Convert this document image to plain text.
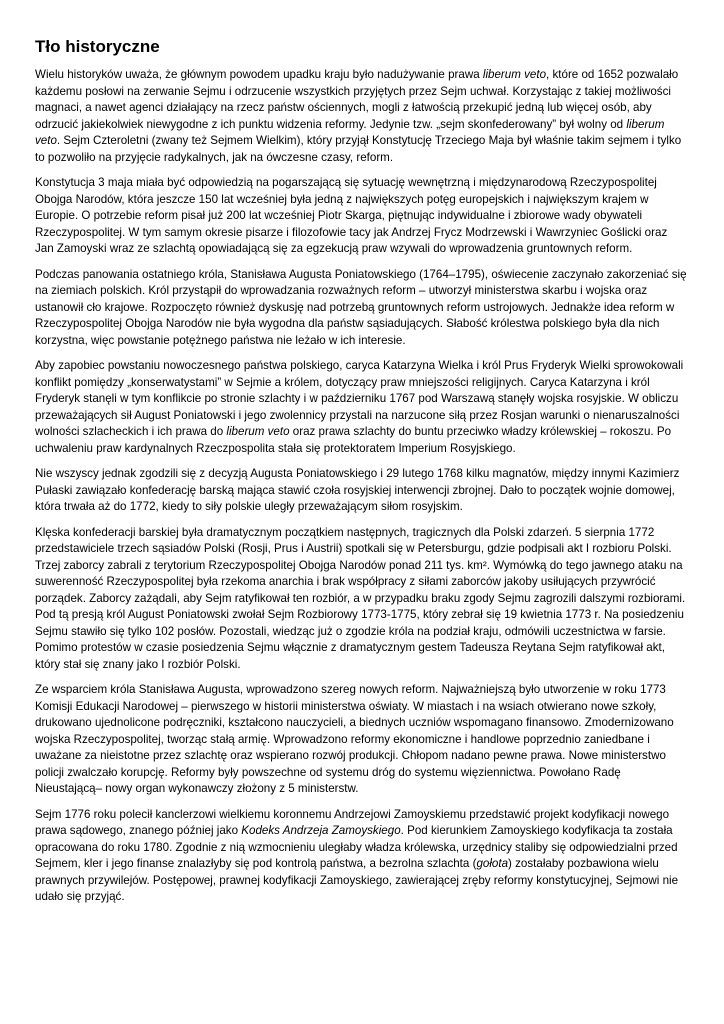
Tło historyczne

Wielu historyków uważa, że głównym powodem upadku kraju było nadużywanie prawa liberum veto, które od 1652 pozwalało każdemu posłowi na zerwanie Sejmu i odrzucenie wszystkich przyjętych przez Sejm uchwał. Korzystając z takiej możliwości magnaci, a nawet agenci działający na rzecz państw ościennych, mogli z łatwością przekupić jedną lub więcej osób, aby odrzucić jakiekolwiek niewygodne z ich punktu widzenia reformy. Jedynie tzw. „sejm skonfederowany” był wolny od liberum veto. Sejm Czteroletni (zwany też Sejmem Wielkim), który przyjął Konstytucję Trzeciego Maja był właśnie takim sejmem i tylko to pozwoliło na przyjęcie radykalnych, jak na ówczesne czasy, reform.

Konstytucja 3 maja miała być odpowiedzią na pogarszającą się sytuację wewnętrzną i międzynarodową Rzeczypospolitej Obojga Narodów, która jeszcze 150 lat wcześniej była jedną z największych potęg europejskich i największym krajem w Europie. O potrzebie reform pisał już 200 lat wcześniej Piotr Skarga, piętnując indywidualne i zbiorowe wady obywateli Rzeczypospolitej. W tym samym okresie pisarze i filozofowie tacy jak Andrzej Frycz Modrzewski i Wawrzyniec Goślicki oraz Jan Zamoyski wraz ze szlachtą opowiadającą się za egzekucją praw wzywali do wprowadzenia gruntownych reform.

Podczas panowania ostatniego króla, Stanisława Augusta Poniatowskiego (1764–1795), oświecenie zaczynało zakorzeniać się na ziemiach polskich. Król przystąpił do wprowadzania rozważnych reform – utworzył ministerstwa skarbu i wojska oraz ustanowił cło krajowe. Rozpoczęto również dyskusję nad potrzebą gruntownych reform ustrojowych. Jednakże idea reform w Rzeczypospolitej Obojga Narodów nie była wygodna dla państw sąsiadujących. Słabość królestwa polskiego była dla nich korzystna, więc powstanie potężnego państwa nie leżało w ich interesie.

Aby zapobiec powstaniu nowoczesnego państwa polskiego, caryca Katarzyna Wielka i król Prus Fryderyk Wielki sprowokowali konflikt pomiędzy „konserwatystami” w Sejmie a królem, dotyczący praw mniejszości religijnych. Caryca Katarzyna i król Fryderyk stanęli w tym konflikcie po stronie szlachty i w październiku 1767 pod Warszawą stanęły wojska rosyjskie. W obliczu przeważających sił August Poniatowski i jego zwolennicy przystali na narzucone siłą przez Rosjan warunki o nienaruszalności wolności szlacheckich i ich prawa do liberum veto oraz prawa szlachty do buntu przeciwko władzy królewskiej – rokoszu. Po uchwaleniu praw kardynalnych Rzeczpospolita stała się protektoratem Imperium Rosyjskiego.

Nie wszyscy jednak zgodzili się z decyzją Augusta Poniatowskiego i 29 lutego 1768 kilku magnatów, między innymi Kazimierz Pułaski zawiązało konfederację barską mająca stawić czoła rosyjskiej interwencji zbrojnej. Dało to początek wojnie domowej, która trwała aż do 1772, kiedy to siły polskie uległy przeważającym siłom rosyjskim.

Klęska konfederacji barskiej była dramatycznym początkiem następnych, tragicznych dla Polski zdarzeń. 5 sierpnia 1772 przedstawiciele trzech sąsiadów Polski (Rosji, Prus i Austrii) spotkali się w Petersburgu, gdzie podpisali akt I rozbioru Polski. Trzej zaborcy zabrali z terytorium Rzeczypospolitej Obojga Narodów ponad 211 tys. km². Wymówką do tego jawnego ataku na suwerenność Rzeczypospolitej była rzekoma anarchia i brak współpracy z siłami zaborców jakoby usiłujących przywrócić porządek. Zaborcy zażądali, aby Sejm ratyfikował ten rozbiór, a w przypadku braku zgody Sejmu zagrozili dalszymi rozbiorami. Pod tą presją król August Poniatowski zwołał Sejm Rozbiorowy 1773-1775, który zebrał się 19 kwietnia 1773 r. Na posiedzeniu Sejmu stawiło się tylko 102 posłów. Pozostali, wiedząc już o zgodzie króla na podział kraju, odmówili uczestnictwa w farsie. Pomimo protestów w czasie posiedzenia Sejmu włącznie z dramatycznym gestem Tadeusza Reytana Sejm ratyfikował akt, który stał się znany jako I rozbiór Polski.

Ze wsparciem króla Stanisława Augusta, wprowadzono szereg nowych reform. Najważniejszą było utworzenie w roku 1773 Komisji Edukacji Narodowej – pierwszego w historii ministerstwa oświaty. W miastach i na wsiach otwierano nowe szkoły, drukowano ujednolicone podręczniki, kształcono nauczycieli, a biednych uczniów wspomagano finansowo. Zmodernizowano wojska Rzeczypospolitej, tworząc stałą armię. Wprowadzono reformy ekonomiczne i handlowe poprzednio zaniedbane i uważane za nieistotne przez szlachtę oraz wspierano rozwój produkcji. Chłopom nadano pewne prawa. Nowe ministerstwo policji zwalczało korupcję. Reformy były powszechne od systemu dróg do systemu więziennictwa. Powołano Radę Nieustającą– nowy organ wykonawczy złożony z 5 ministerstw.

Sejm 1776 roku polecił kanclerzowi wielkiemu koronnemu Andrzejowi Zamoyskiemu przedstawić projekt kodyfikacji nowego prawa sądowego, znanego później jako Kodeks Andrzeja Zamoyskiego. Pod kierunkiem Zamoyskiego kodyfikacja ta została opracowana do roku 1780. Zgodnie z nią wzmocnieniu uległaby władza królewska, urzędnicy staliby się odpowiedzialni przed Sejmem, kler i jego finanse znalazłyby się pod kontrolą państwa, a bezrolna szlachta (gołota) zostałaby pozbawiona wielu prawnych przywilejów. Postępowej, prawnej kodyfikacji Zamoyskiego, zawierającej zręby reformy konstytucyjnej, Sejmowi nie udało się przyjąć.
